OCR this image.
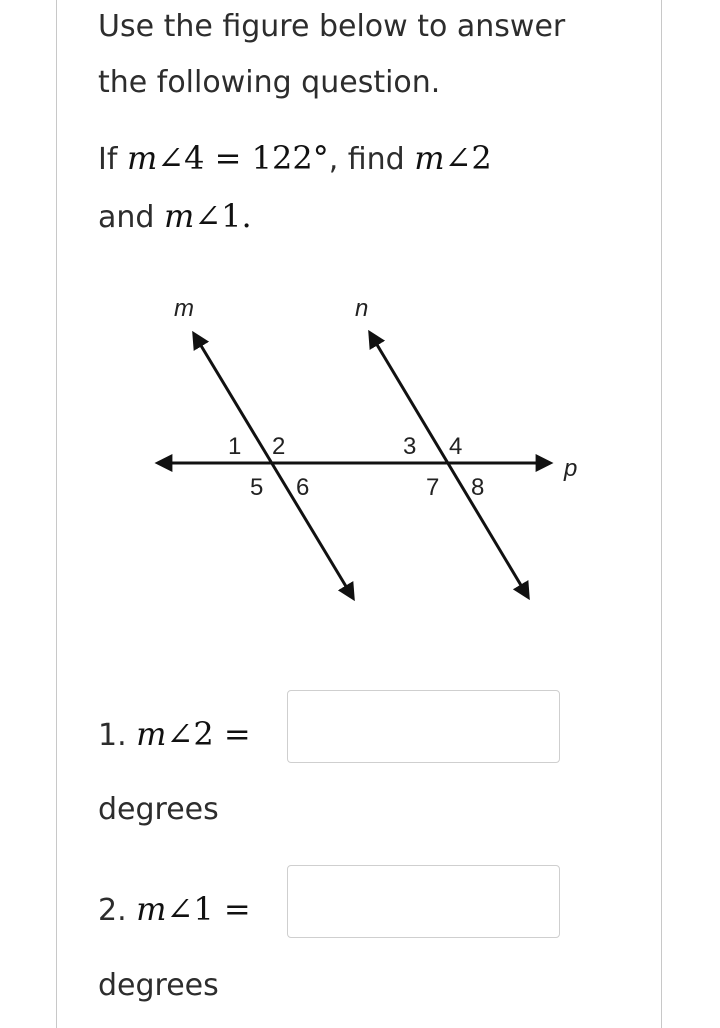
Use the figure below to answer
the following question.
If m∠4 = 122°, find m∠2
and m∠1.
m	n
p
1 2	3 4
5 6	7 8
1. m∠2 =
degrees
2. m∠1 =
degrees
